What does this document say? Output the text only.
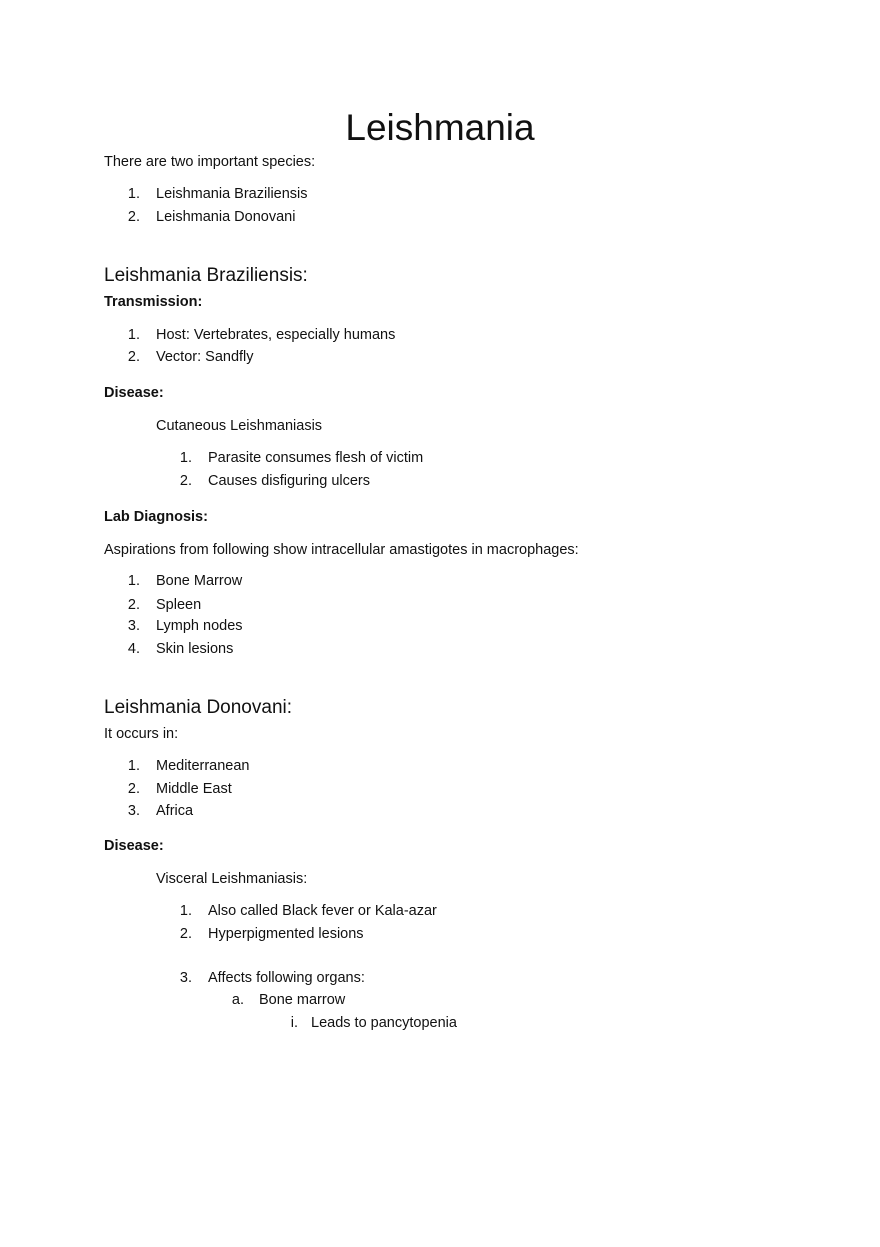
Leishmania
There are two important species:
1. Leishmania Braziliensis
2. Leishmania Donovani
Leishmania Braziliensis:
Transmission:
1. Host: Vertebrates, especially humans
2. Vector: Sandfly
Disease:
Cutaneous Leishmaniasis
1. Parasite consumes flesh of victim
2. Causes disfiguring ulcers
Lab Diagnosis:
Aspirations from following show intracellular amastigotes in macrophages:
1. Bone Marrow
2. Spleen
3. Lymph nodes
4. Skin lesions
Leishmania Donovani:
It occurs in:
1. Mediterranean
2. Middle East
3. Africa
Disease:
Visceral Leishmaniasis:
1. Also called Black fever or Kala-azar
2. Hyperpigmented lesions
3. Affects following organs:
a. Bone marrow
i. Leads to pancytopenia
